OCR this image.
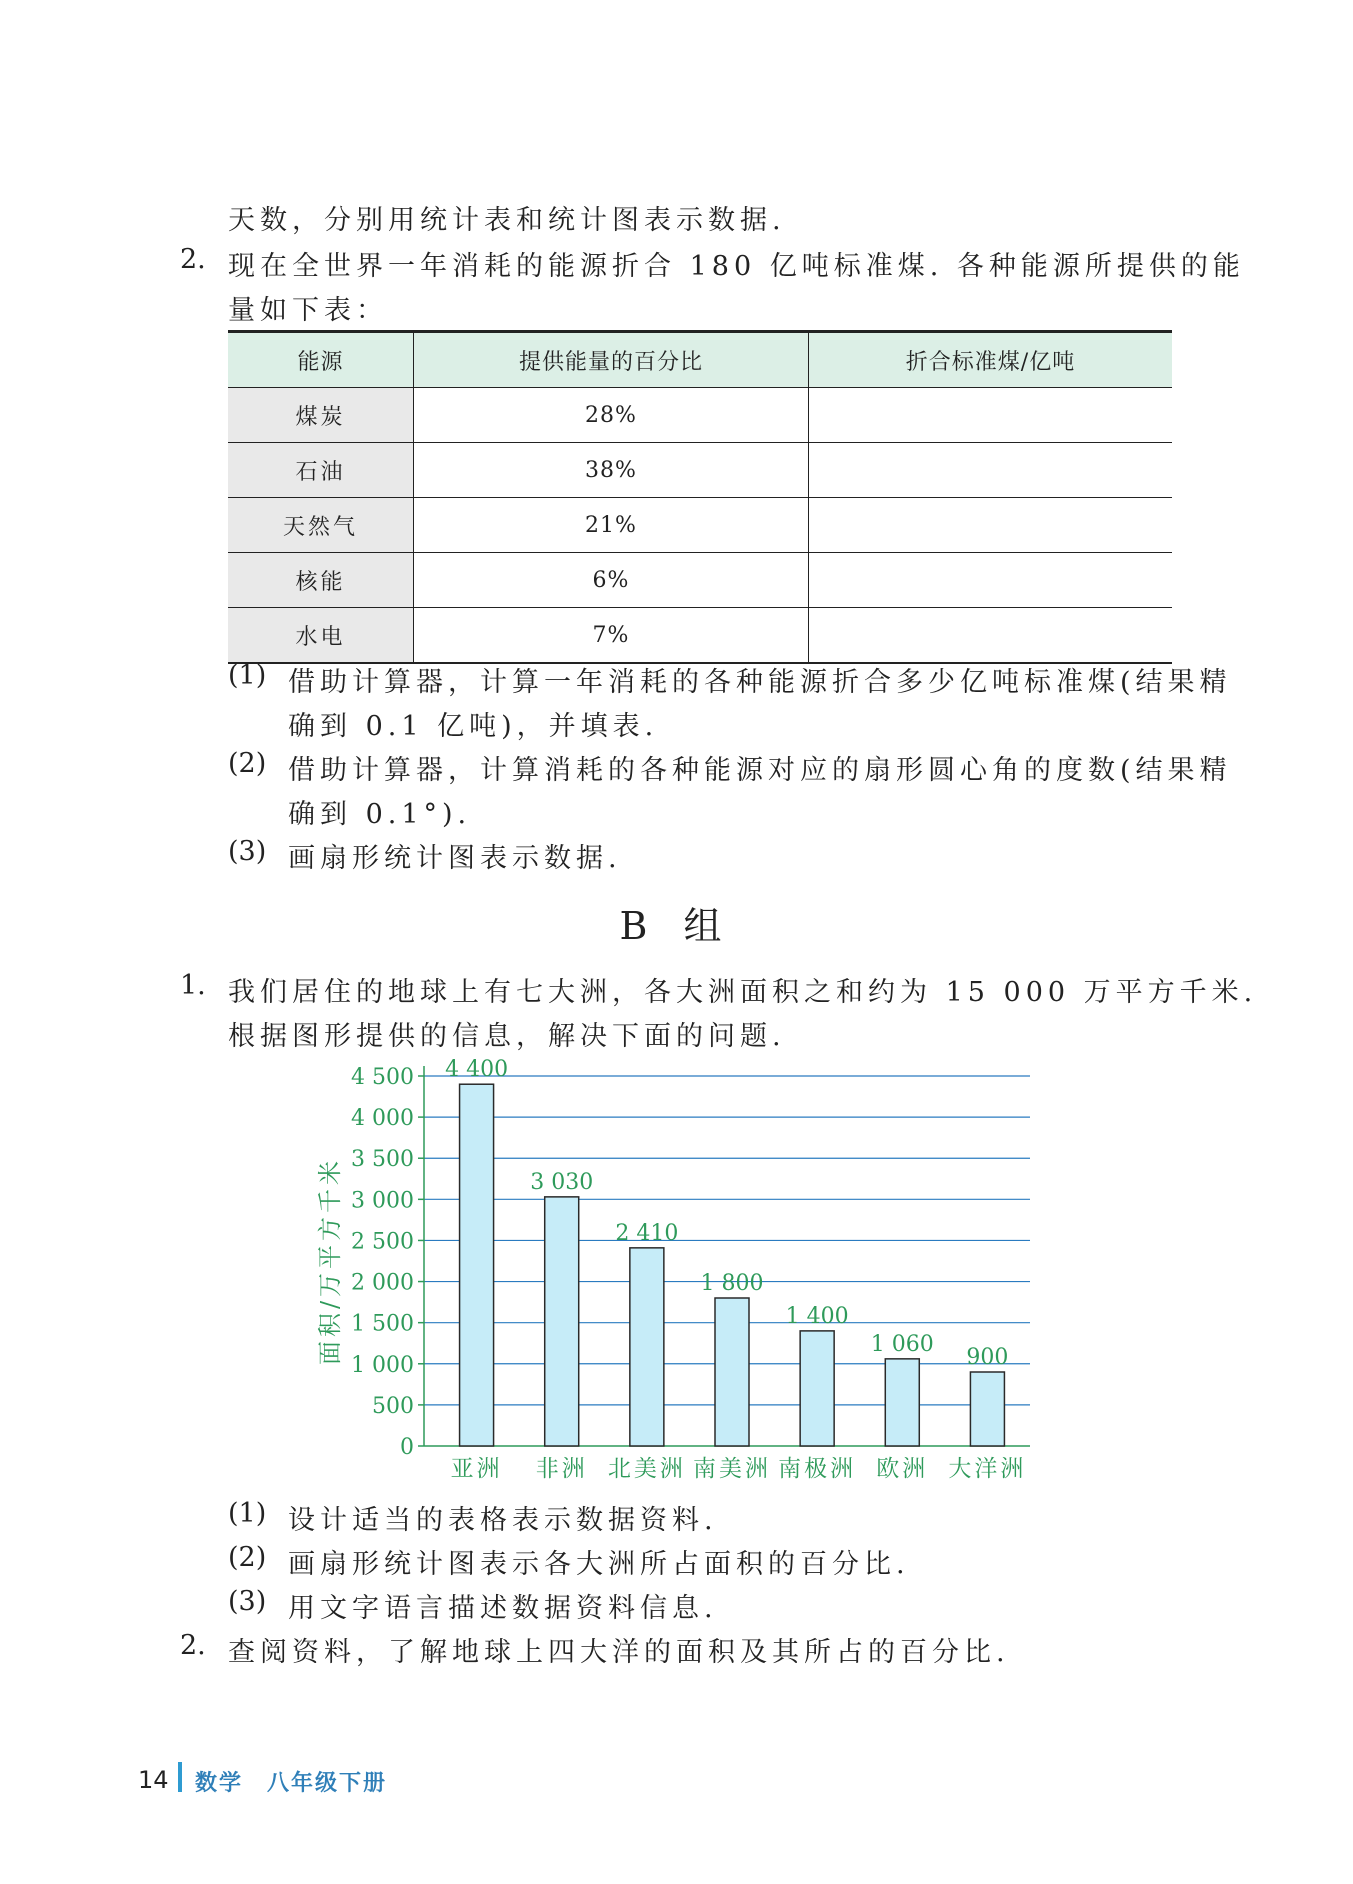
天数，分别用统计表和统计图表示数据.
2. 现在全世界一年消耗的能源折合 180 亿吨标准煤. 各种能源所提供的能
量如下表：
能源	提供能量的百分比	折合标准煤/亿吨
煤炭	28%	
石油	38%	
天然气	21%	
核能	6%	
水电	7%	
(1) 借助计算器，计算一年消耗的各种能源折合多少亿吨标准煤(结果精
确到 0.1 亿吨)，并填表.
(2) 借助计算器，计算消耗的各种能源对应的扇形圆心角的度数(结果精
确到 0.1°).
(3) 画扇形统计图表示数据.
B 组
1. 我们居住的地球上有七大洲，各大洲面积之和约为 15 000 万平方千米.
根据图形提供的信息，解决下面的问题.
0
500
1 000
1 500
2 000
2 500
3 000
3 500
4 000
4 500
面积/万平方千米
4 400
亚洲
3 030
非洲
2 410
北美洲
1 800
南美洲
1 400
南极洲
1 060
欧洲
900
大洋洲
(1) 设计适当的表格表示数据资料.
(2) 画扇形统计图表示各大洲所占面积的百分比.
(3) 用文字语言描述数据资料信息.
2. 查阅资料，了解地球上四大洋的面积及其所占的百分比.
14 数学　八年级下册
